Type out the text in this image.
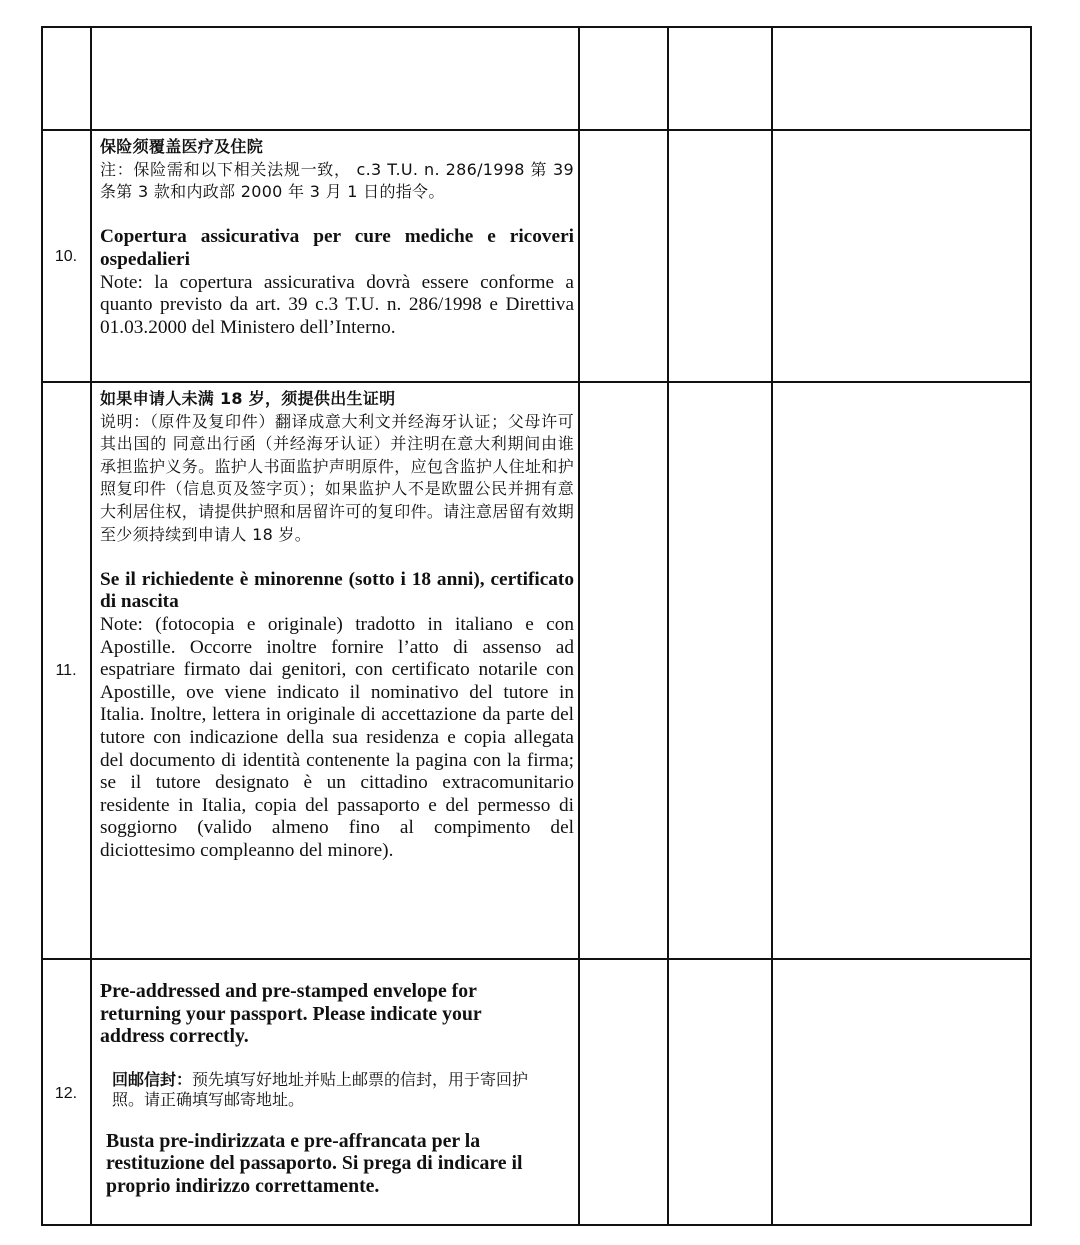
10.
保险须覆盖医疗及住院
注：保险需和以下相关法规一致， c.3 T.U. n. 286/1998 第 39 条第 3 款和内政部 2000 年 3 月 1 日的指令。
Copertura assicurativa per cure mediche e ricoveri ospedalieri
Note: la copertura assicurativa dovrà essere conforme a quanto previsto da art. 39 c.3 T.U. n. 286/1998 e Direttiva 01.03.2000 del Ministero dell’Interno.
11.
如果申请人未满 18 岁，须提供出生证明
说明：（原件及复印件）翻译成意大利文并经海牙认证；父母许可其出国的 同意出行函（并经海牙认证）并注明在意大利期间由谁承担监护义务。监护人书面监护声明原件，应包含监护人住址和护照复印件（信息页及签字页）；如果监护人不是欧盟公民并拥有意大利居住权，请提供护照和居留许可的复印件。请注意居留有效期至少须持续到申请人 18 岁。
Se il richiedente è minorenne (sotto i 18 anni), certificato di nascita
Note: (fotocopia e originale) tradotto in italiano e con Apostille. Occorre inoltre fornire l’atto di assenso ad espatriare firmato dai genitori, con certificato notarile con Apostille, ove viene indicato il nominativo del tutore in Italia. Inoltre, lettera in originale di accettazione da parte del tutore con indicazione della sua residenza e copia allegata del documento di identità contenente la pagina con la firma; se il tutore designato è un cittadino extracomunitario residente in Italia, copia del passaporto e del permesso di soggiorno (valido almeno fino al compimento del diciottesimo compleanno del minore).
12.
Pre-addressed and pre-stamped envelope for returning your passport. Please indicate your address correctly.
回邮信封：预先填写好地址并贴上邮票的信封，用于寄回护照。请正确填写邮寄地址。
Busta pre-indirizzata e pre-affrancata per la restituzione del passaporto. Si prega di indicare il proprio indirizzo correttamente.
